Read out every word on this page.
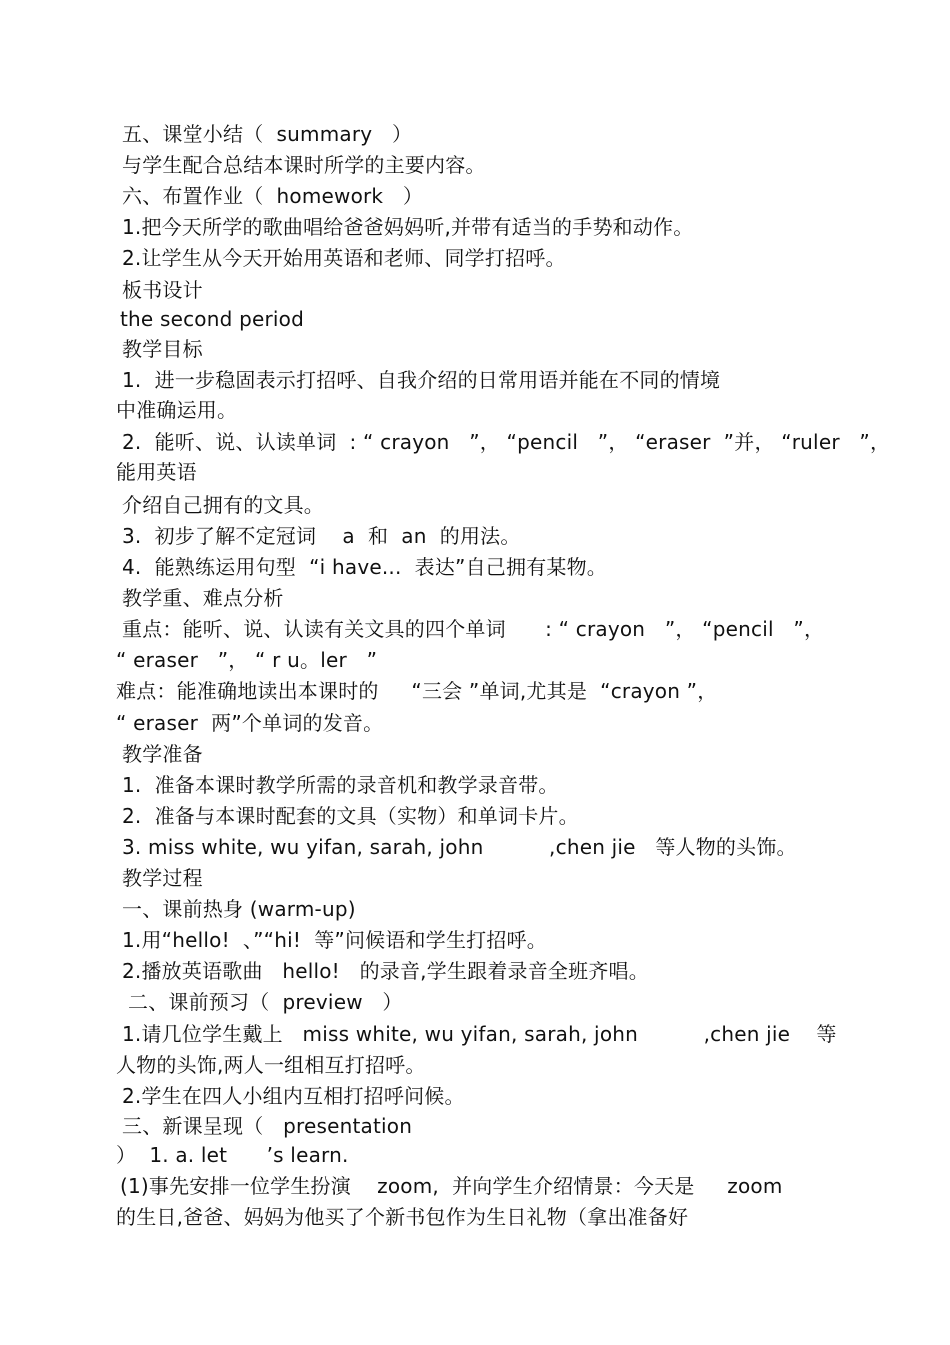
五、课堂小结（  summary   ）
与学生配合总结本课时所学的主要内容。
六、布置作业（  homework   ）
1.把今天所学的歌曲唱给爸爸妈妈听,并带有适当的手势和动作。
2.让学生从今天开始用英语和老师、同学打招呼。
板书设计
the second period
教学目标
1.  进一步稳固表示打招呼、自我介绍的日常用语并能在不同的情境
中准确运用。
2.  能听、说、认读单词  : “ crayon   ”， “pencil   ”， “eraser  ”并， “ruler   ”，
能用英语
介绍自己拥有的文具。
3.  初步了解不定冠词    a  和  an  的用法。
4.  能熟练运用句型  “i have...  表达”自己拥有某物。
教学重、难点分析
重点：能听、说、认读有关文具的四个单词      : “ crayon   ”， “pencil   ”，
“ eraser   ”， “ r u。ler   ”
难点：能准确地读出本课时的     “三会 ”单词,尤其是  “crayon ”，
“ eraser  两”个单词的发音。
教学准备
1.  准备本课时教学所需的录音机和教学录音带。
2.  准备与本课时配套的文具（实物）和单词卡片。
3. miss white, wu yifan, sarah, john          ,chen jie   等人物的头饰。
教学过程
一、课前热身 (warm-up)
1.用“hello!  、”“hi!  等”问候语和学生打招呼。
2.播放英语歌曲   hello!   的录音,学生跟着录音全班齐唱。
二、课前预习（  preview   ）
1.请几位学生戴上   miss white, wu yifan, sarah, john          ,chen jie    等
人物的头饰,两人一组相互打招呼。
2.学生在四人小组内互相打招呼问候。
三、新课呈现（   presentation
）  1. a. let      ’s learn.
(1)事先安排一位学生扮演    zoom,  并向学生介绍情景：今天是     zoom
的生日,爸爸、妈妈为他买了个新书包作为生日礼物（拿出准备好
